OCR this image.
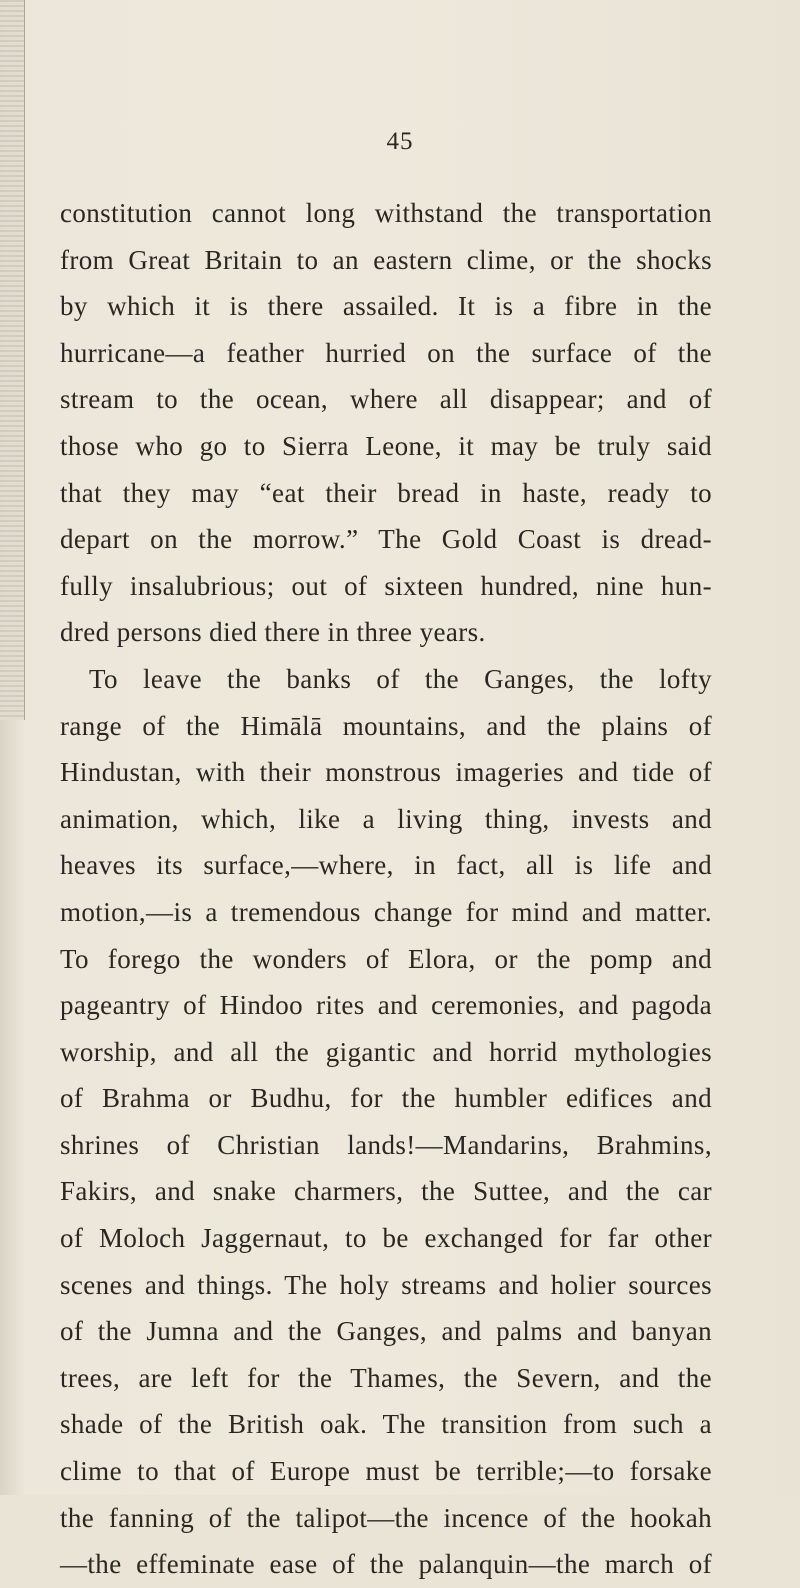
45
constitution cannot long withstand the transportation
from Great Britain to an eastern clime, or the shocks
by which it is there assailed. It is a fibre in the
hurricane—a feather hurried on the surface of the
stream to the ocean, where all disappear; and of
those who go to Sierra Leone, it may be truly said
that they may “eat their bread in haste, ready to
depart on the morrow.” The Gold Coast is dread-
fully insalubrious; out of sixteen hundred, nine hun-
dred persons died there in three years.
To leave the banks of the Ganges, the lofty
range of the Himālā mountains, and the plains of
Hindustan, with their monstrous imageries and tide of
animation, which, like a living thing, invests and
heaves its surface,—where, in fact, all is life and
motion,—is a tremendous change for mind and matter.
To forego the wonders of Elora, or the pomp and
pageantry of Hindoo rites and ceremonies, and pagoda
worship, and all the gigantic and horrid mythologies
of Brahma or Budhu, for the humbler edifices and
shrines of Christian lands!—Mandarins, Brahmins,
Fakirs, and snake charmers, the Suttee, and the car
of Moloch Jaggernaut, to be exchanged for far other
scenes and things. The holy streams and holier sources
of the Jumna and the Ganges, and palms and banyan
trees, are left for the Thames, the Severn, and the
shade of the British oak. The transition from such a
clime to that of Europe must be terrible;—to forsake
the fanning of the talipot—the incence of the hookah
—the effeminate ease of the palanquin—the march of
